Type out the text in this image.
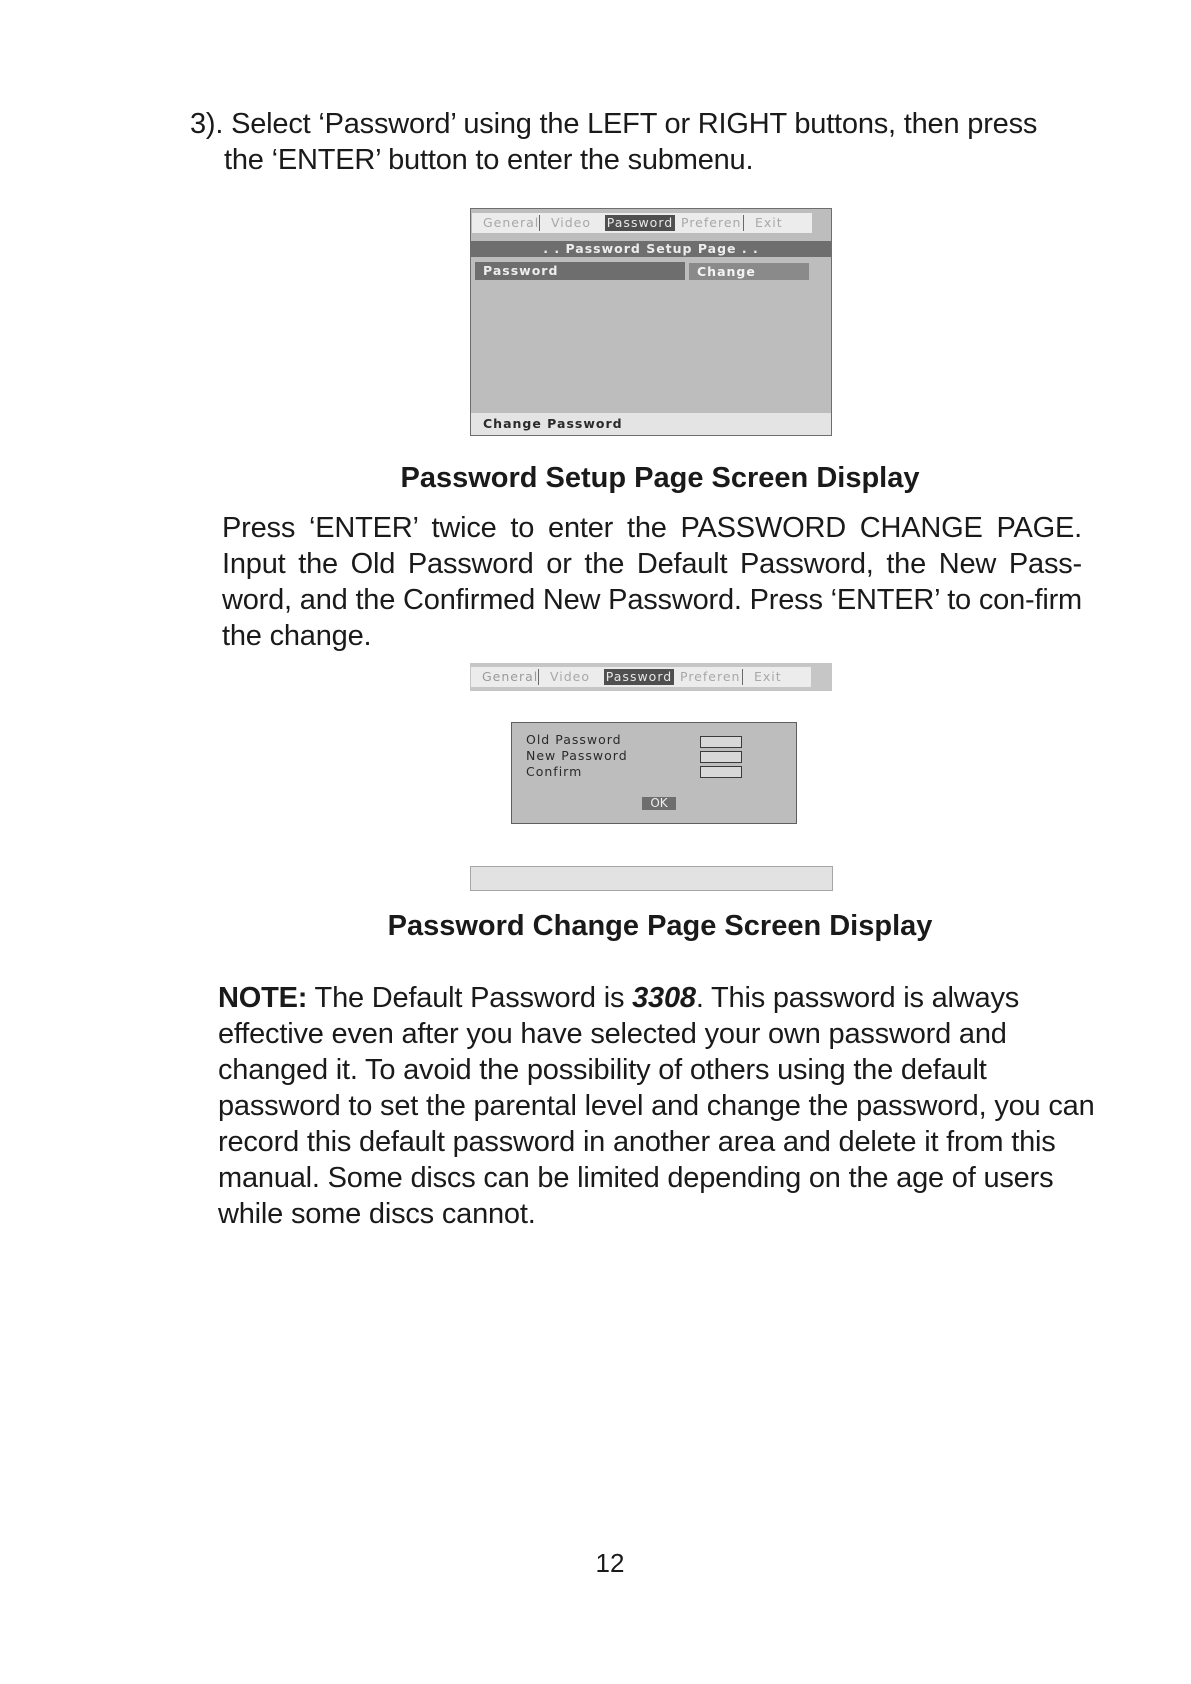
3). Select ‘Password’ using the LEFT or RIGHT buttons, then press
the ‘ENTER’ button to enter the submenu.
General Video	Password Preferen Exit
. . Password Setup Page . .
Password	Change
Change Password
Password Setup Page Screen Display
Press ‘ENTER’ twice to enter the PASSWORD CHANGE PAGE. Input the Old Password or the Default Password, the New Pass-word, and the Confirmed New Password. Press ‘ENTER’ to con-firm the change.
General Video	Password Preferen Exit
Old Password
New Password
Confirm
OK
Password Change Page Screen Display
NOTE: The Default Password is 3308. This password is always effective even after you have selected your own password and changed it. To avoid the possibility of others using the default password to set the parental level and change the password, you can record this default password in another area and delete it from this manual. Some discs can be limited depending on the age of users while some discs cannot.
12
